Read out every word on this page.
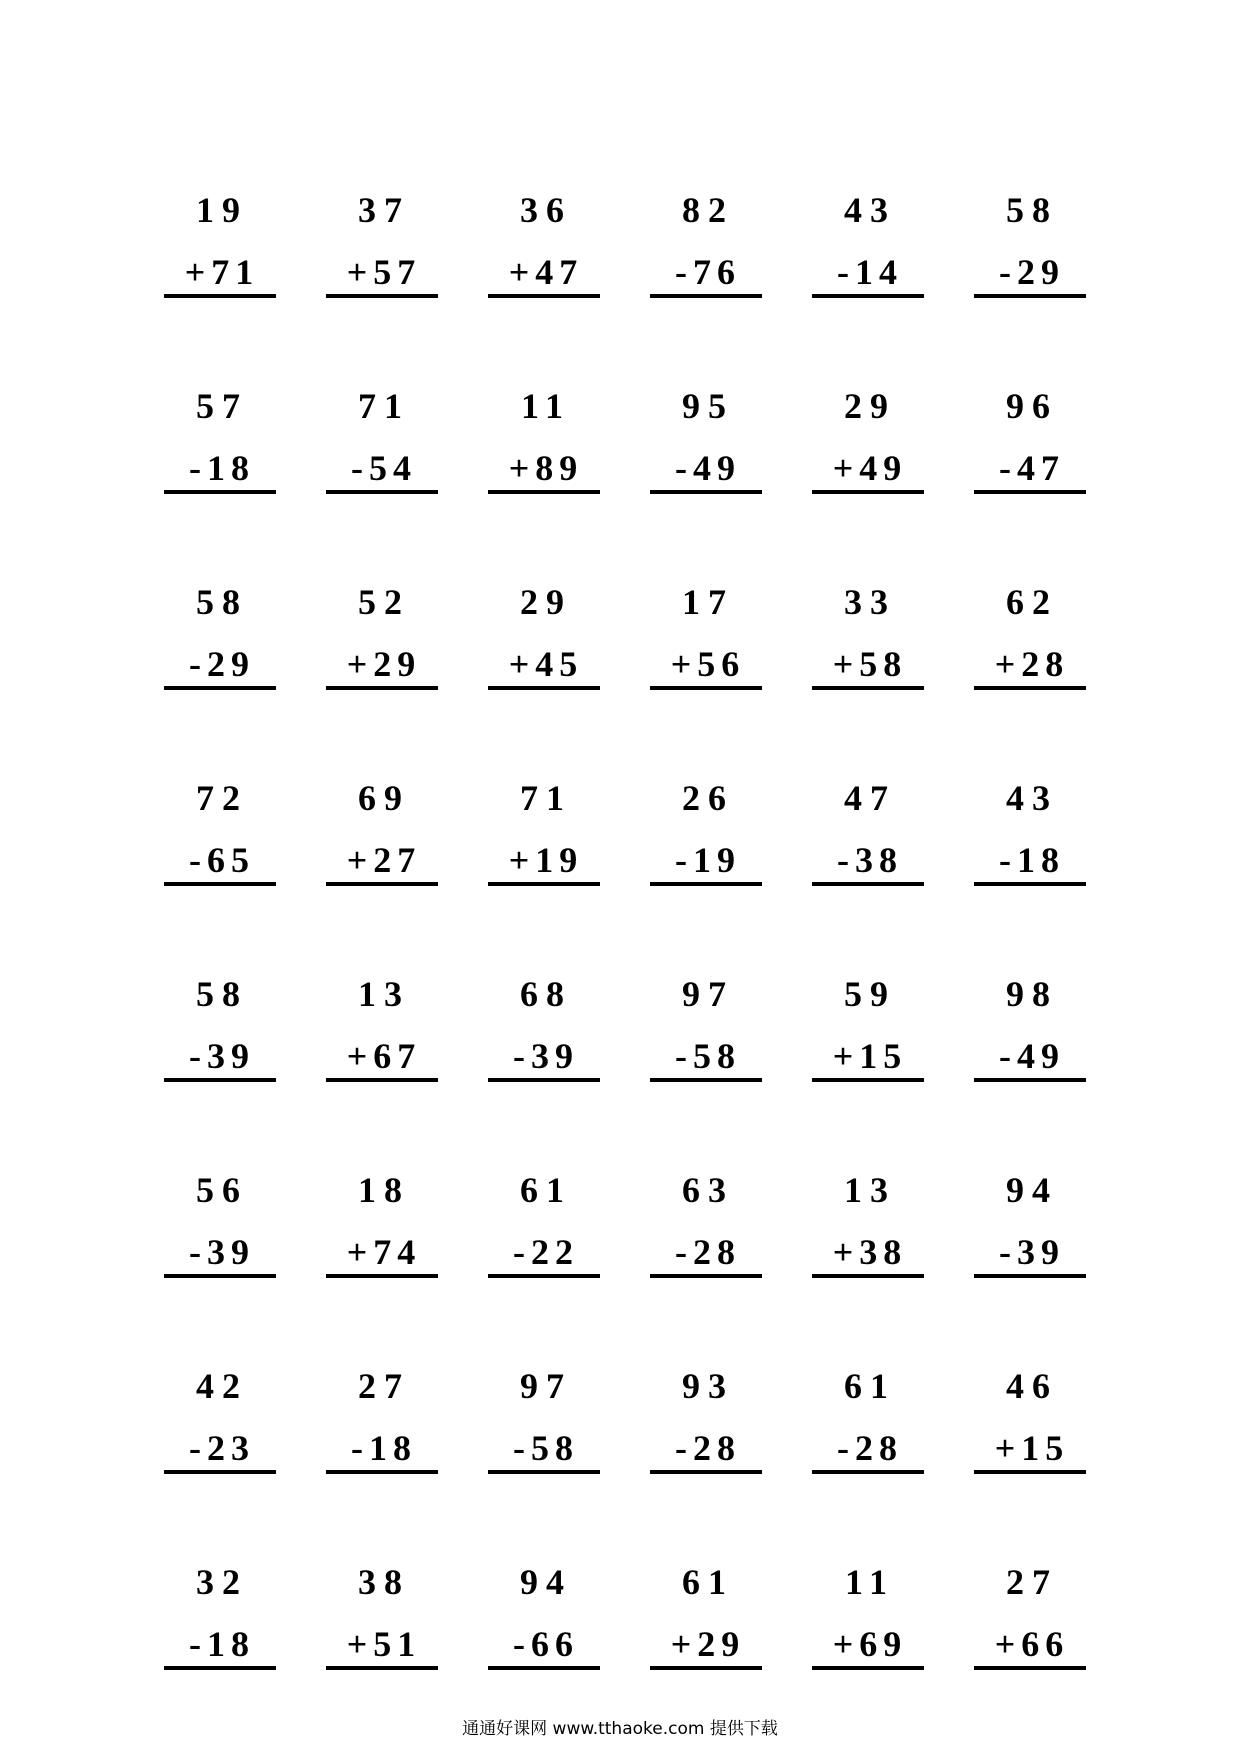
19
+71
37
+57
36
+47
82
-76
43
-14
58
-29
57
-18
71
-54
11
+89
95
-49
29
+49
96
-47
58
-29
52
+29
29
+45
17
+56
33
+58
62
+28
72
-65
69
+27
71
+19
26
-19
47
-38
43
-18
58
-39
13
+67
68
-39
97
-58
59
+15
98
-49
56
-39
18
+74
61
-22
63
-28
13
+38
94
-39
42
-23
27
-18
97
-58
93
-28
61
-28
46
+15
32
-18
38
+51
94
-66
61
+29
11
+69
27
+66
通通好课网 www.tthaoke.com 提供下载
